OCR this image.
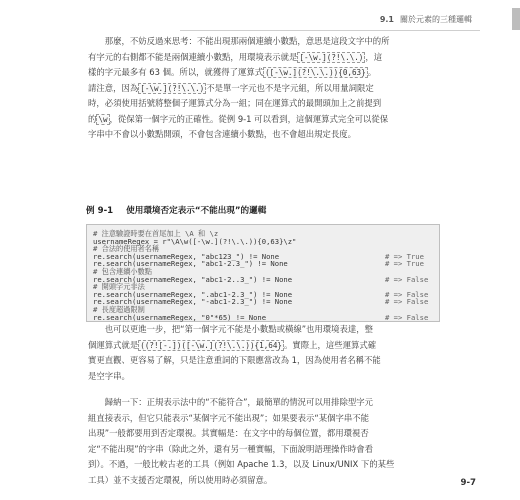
9.1 關於元素的三種邏輯

　　那麼，不妨反過來思考：不能出現那兩個連續小數點，意思是這段文字中的所

有字元的右側都不能是兩個連續小數點，用環境表示就是 [-\w.](?!\.\.) ，這

樣的字元最多有 63 個。所以，就獲得了運算式 ([-\w.](?!\.\.)){0,63} 。

請注意，因為 [-\w.](?!\.\.) 不是單一字元也不是字元組，所以用量詞限定

時，必須使用括號將整個子運算式分為一組；同在運算式的最開頭加上之前提到

的 \w ，從保第一個字元的正確性。從例 9-1 可以看到，這個運算式完全可以從保

字串中不會以小數點開頭，不會包含連續小數點，也不會超出規定長度。

例 9-1 使用環境否定表示“不能出現”的邏輯
# 注意驗證時要在首尾加上 \A 和 \z
usernameRegex = r"\A\w([-\w.](?!\.\.)){0,63}\z"
# 合法的使用者名稱
re.search(usernameRegex, "abc123_") != None	# => True
re.search(usernameRegex, "abc1-2.3_") != None	# => True
# 包含連續小數點
re.search(usernameRegex, "abc1-2..3_") != None	# => False
# 開頭字元非法
re.search(usernameRegex, ".abc1-2.3_") != None	# => False
re.search(usernameRegex, "-abc1-2.3_") != None	# => False
# 長度超過限制
re.search(usernameRegex, "0"*65) != None	# => False

　　也可以更進一步，把“第一個字元不能是小數點或橫線”也用環境表達，整

個運算式就是 ((?![-.])([-\w.](?!\.\.)){1,64} 。實際上，這些運算式確

實更直觀、更容易了解，只是注意重詞的下限應當改為 1，因為使用者名稱不能

是空字串。

　　歸納一下：正規表示法中的“不能符合”，最簡單的情況可以用排除型字元

組直接表示，但它只能表示“某個字元不能出現”；如果要表示“某個字串不能

出現”一般都要用到否定環視。其實幅是：在文字中的每個位置，都用環視否

定“不能出現”的字串（除此之外，還有另一種實幅，下面說明語理操作時會看

到）。不過，一般比較古老的工具（例如 Apache 1.3，以及 Linux/UNIX 下的某些

工具）並不支援否定環視，所以使用時必須留意。	9-7
